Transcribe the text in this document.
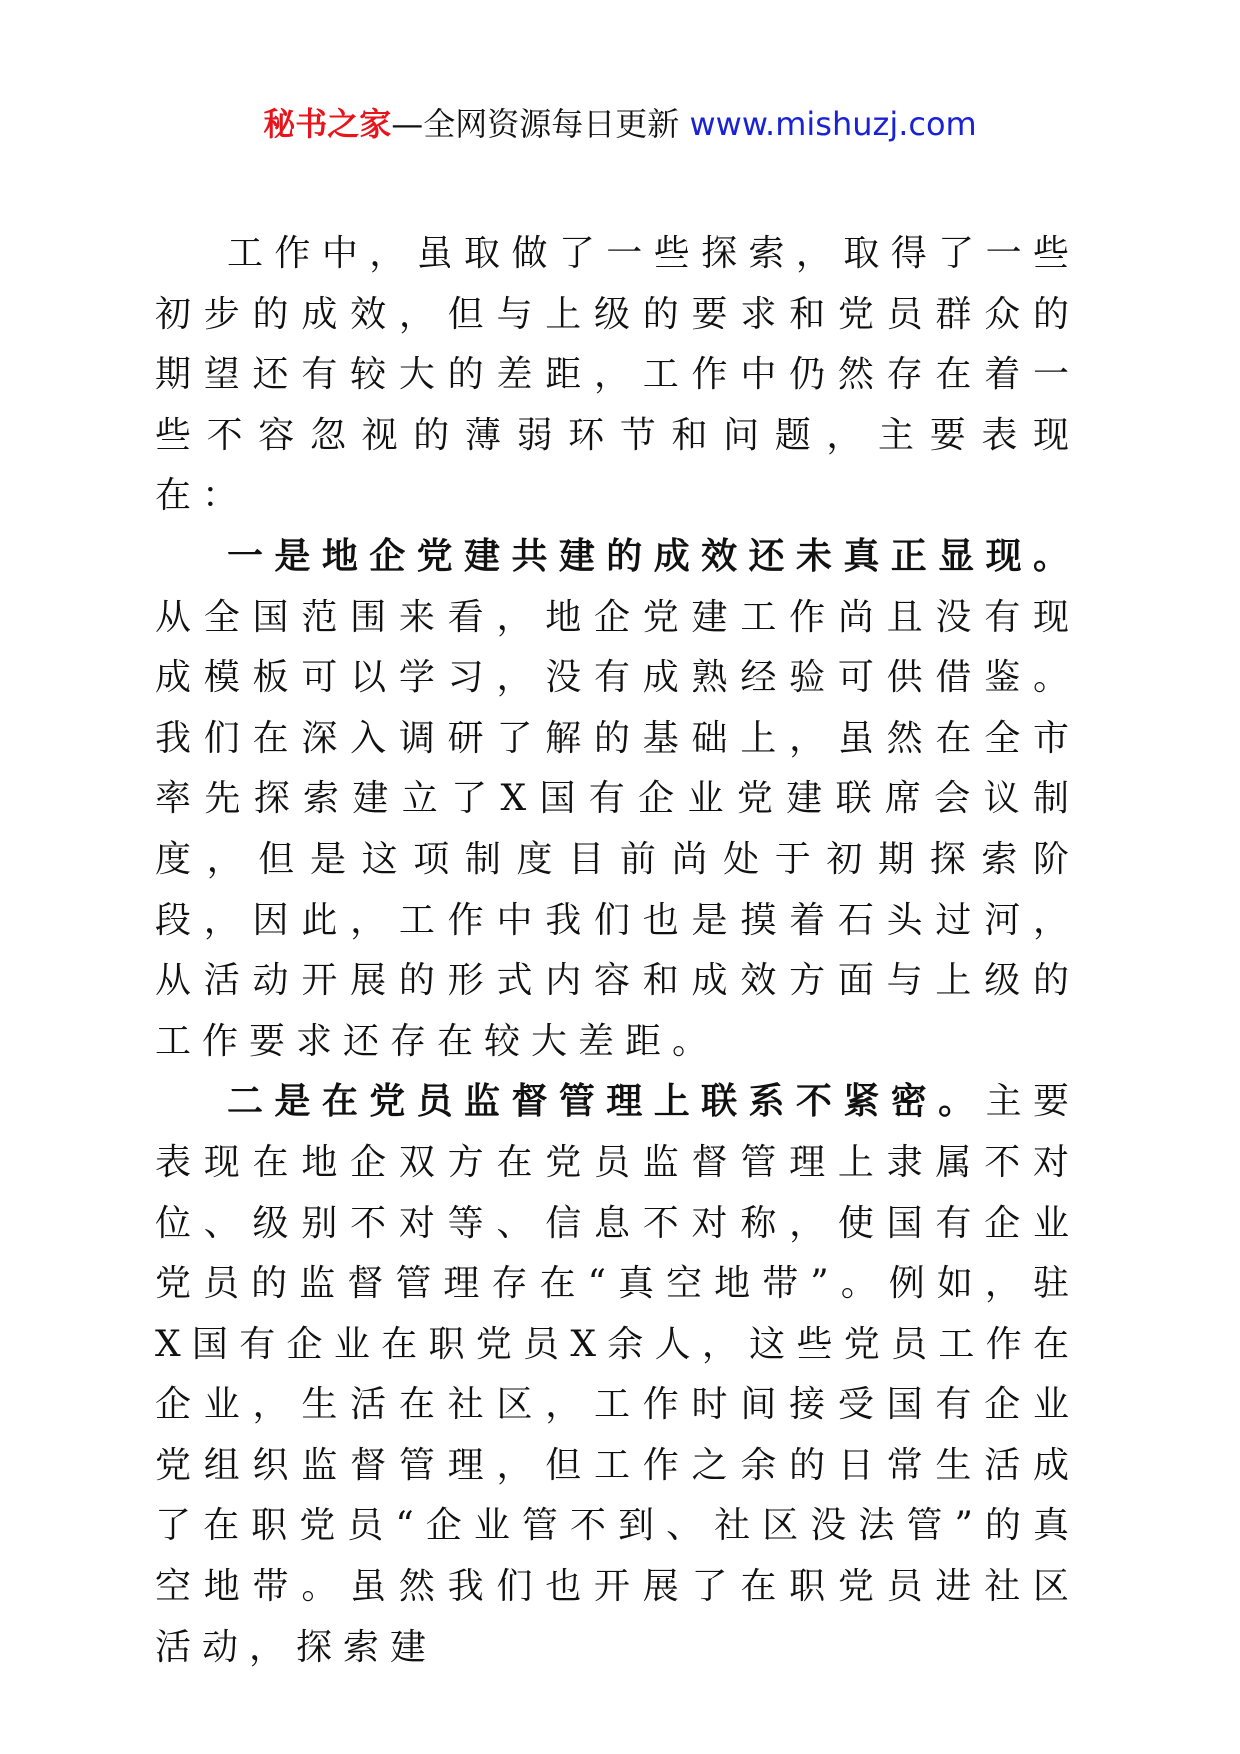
秘书之家—全网资源每日更新 www.mishuzj.com

工作中，虽取做了一些探索，取得了一些初步的成效，但与上级的要求和党员群众的期望还有较大的差距，工作中仍然存在着一些不容忽视的薄弱环节和问题，主要表现在：

一是地企党建共建的成效还未真正显现。从全国范围来看，地企党建工作尚且没有现成模板可以学习，没有成熟经验可供借鉴。我们在深入调研了解的基础上，虽然在全市率先探索建立了X国有企业党建联席会议制度，但是这项制度目前尚处于初期探索阶段，因此，工作中我们也是摸着石头过河，从活动开展的形式内容和成效方面与上级的工作要求还存在较大差距。

二是在党员监督管理上联系不紧密。主要表现在地企双方在党员监督管理上隶属不对位、级别不对等、信息不对称，使国有企业党员的监督管理存在“真空地带”。例如，驻X国有企业在职党员X余人，这些党员工作在企业，生活在社区，工作时间接受国有企业党组织监督管理，但工作之余的日常生活成了在职党员“企业管不到、社区没法管”的真空地带。虽然我们也开展了在职党员进社区活动，探索建
